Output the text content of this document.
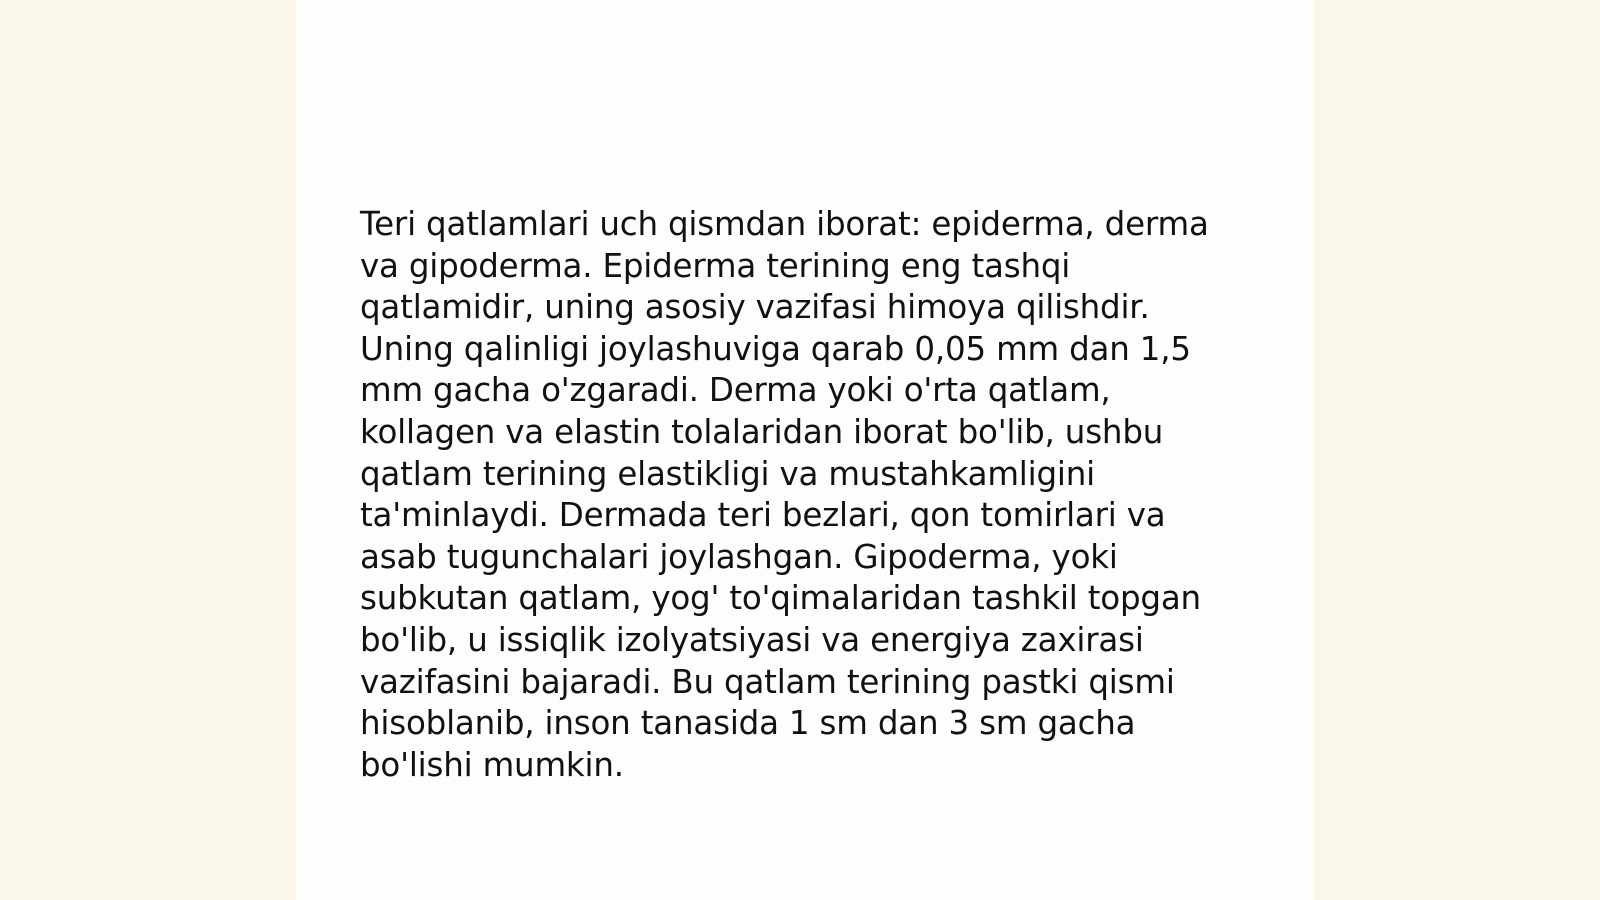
Teri qatlamlari uch qismdan iborat: epiderma, derma
va gipoderma. Epiderma terining eng tashqi
qatlamidir, uning asosiy vazifasi himoya qilishdir.
Uning qalinligi joylashuviga qarab 0,05 mm dan 1,5
mm gacha o'zgaradi. Derma yoki o'rta qatlam,
kollagen va elastin tolalaridan iborat bo'lib, ushbu
qatlam terining elastikligi va mustahkamligini
ta'minlaydi. Dermada teri bezlari, qon tomirlari va
asab tugunchalari joylashgan. Gipoderma, yoki
subkutan qatlam, yog' to'qimalaridan tashkil topgan
bo'lib, u issiqlik izolyatsiyasi va energiya zaxirasi
vazifasini bajaradi. Bu qatlam terining pastki qismi
hisoblanib, inson tanasida 1 sm dan 3 sm gacha
bo'lishi mumkin.
